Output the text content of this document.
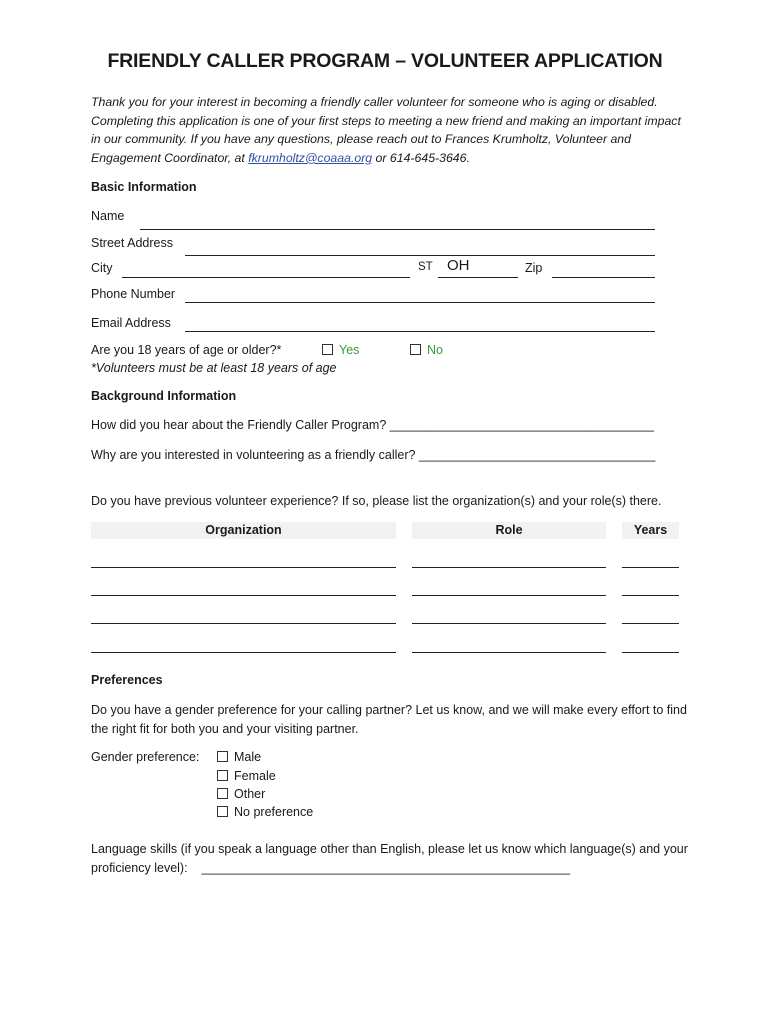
FRIENDLY CALLER PROGRAM – VOLUNTEER APPLICATION
Thank you for your interest in becoming a friendly caller volunteer for someone who is aging or disabled. Completing this application is one of your first steps to meeting a new friend and making an important impact in our community. If you have any questions, please reach out to Frances Krumholtz, Volunteer and Engagement Coordinator, at fkrumholtz@coaaa.org or 614-645-3646.
Basic Information
Name
Street Address
City	ST OH	Zip
Phone Number
Email Address
Are you 18 years of age or older?*	Yes	No
*Volunteers must be at least 18 years of age
Background Information
How did you hear about the Friendly Caller Program? ______________________________________
Why are you interested in volunteering as a friendly caller? __________________________________
Do you have previous volunteer experience? If so, please list the organization(s) and your role(s) there.
Organization	Role	Years
Preferences
Do you have a gender preference for your calling partner? Let us know, and we will make every effort to find the right fit for both you and your visiting partner.
Gender preference:	Male
Female
Other
No preference
Language skills (if you speak a language other than English, please let us know which language(s) and your proficiency level): _____________________________________________________
